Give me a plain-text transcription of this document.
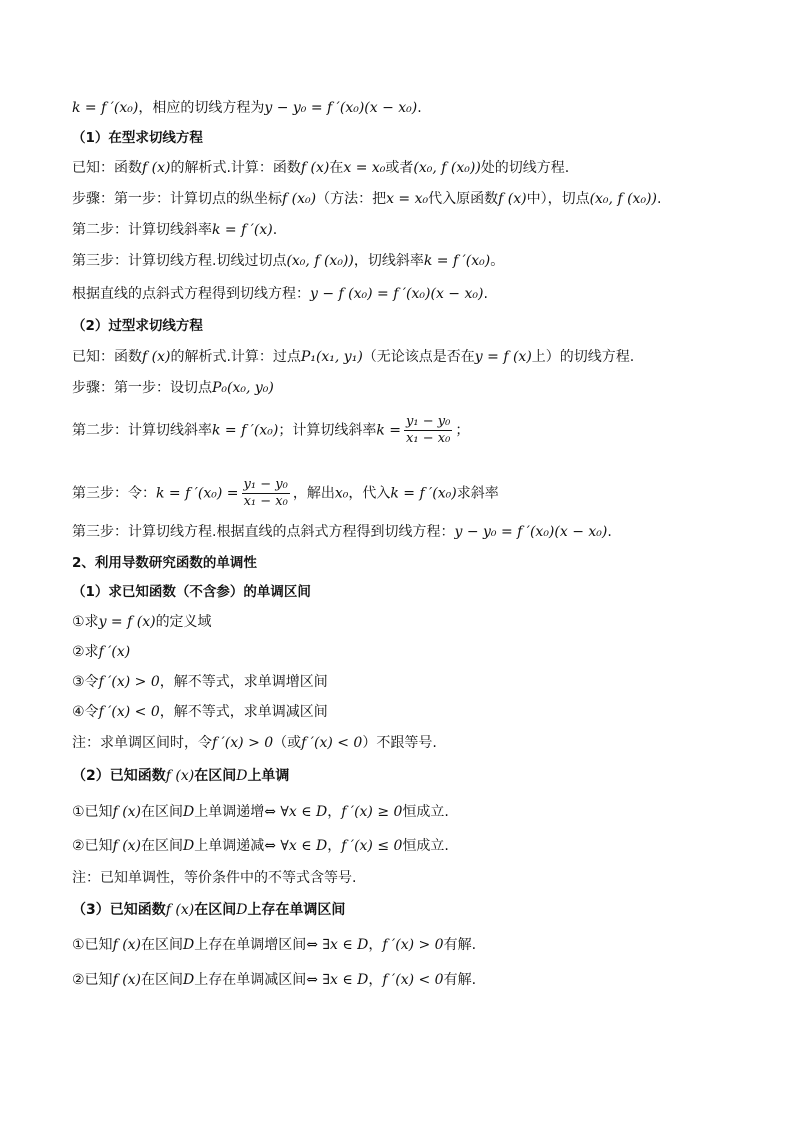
k = f ′(x₀)，相应的切线方程为y − y₀ = f ′(x₀)(x − x₀).
（1）在型求切线方程
已知：函数f (x)的解析式.计算：函数f (x)在x = x₀或者(x₀, f (x₀))处的切线方程.
步骤：第一步：计算切点的纵坐标f (x₀)（方法：把x = x₀代入原函数f (x)中），切点(x₀, f (x₀)).
第二步：计算切线斜率k = f ′(x).
第三步：计算切线方程.切线过切点(x₀, f (x₀))，切线斜率k = f ′(x₀)。
根据直线的点斜式方程得到切线方程：y − f (x₀) = f ′(x₀)(x − x₀).
（2）过型求切线方程
已知：函数f (x)的解析式.计算：过点P₁(x₁, y₁)（无论该点是否在y = f (x)上）的切线方程.
步骤：第一步：设切点P₀(x₀, y₀)
第二步：计算切线斜率k = f ′(x₀)；计算切线斜率$k = \frac{\text{y₁ − y₀}}{\text{x₁ − x₀}}$ ；
第三步：令：k = f $'(x_0) = \frac{\text{y₁ − y₀}}{\text{x₁ − x₀}}$ ，解出x₀，代入k = f ′(x₀)求斜率
第三步：计算切线方程.根据直线的点斜式方程得到切线方程：y − y₀ = f ′(x₀)(x − x₀).
2、利用导数研究函数的单调性
（1）求已知函数（不含参）的单调区间
①求y = f (x)的定义域
②求f ′(x)
③令f ′(x) > 0，解不等式，求单调增区间
④令f ′(x) < 0，解不等式，求单调减区间
注：求单调区间时，令f ′(x) > 0（或f ′(x) < 0）不跟等号.
（2）已知函数f (x)在区间D上单调
①已知f (x)在区间D上单调递增⇔ ∀x ∈ D，f ′(x) ≥ 0恒成立.
②已知f (x)在区间D上单调递减⇔ ∀x ∈ D，f ′(x) ≤ 0恒成立.
注：已知单调性，等价条件中的不等式含等号.
（3）已知函数f (x)在区间D上存在单调区间
①已知f (x)在区间D上存在单调增区间⇔ ∃x ∈ D，f ′(x) > 0有解.
②已知f (x)在区间D上存在单调减区间⇔ ∃x ∈ D，f ′(x) < 0有解.
